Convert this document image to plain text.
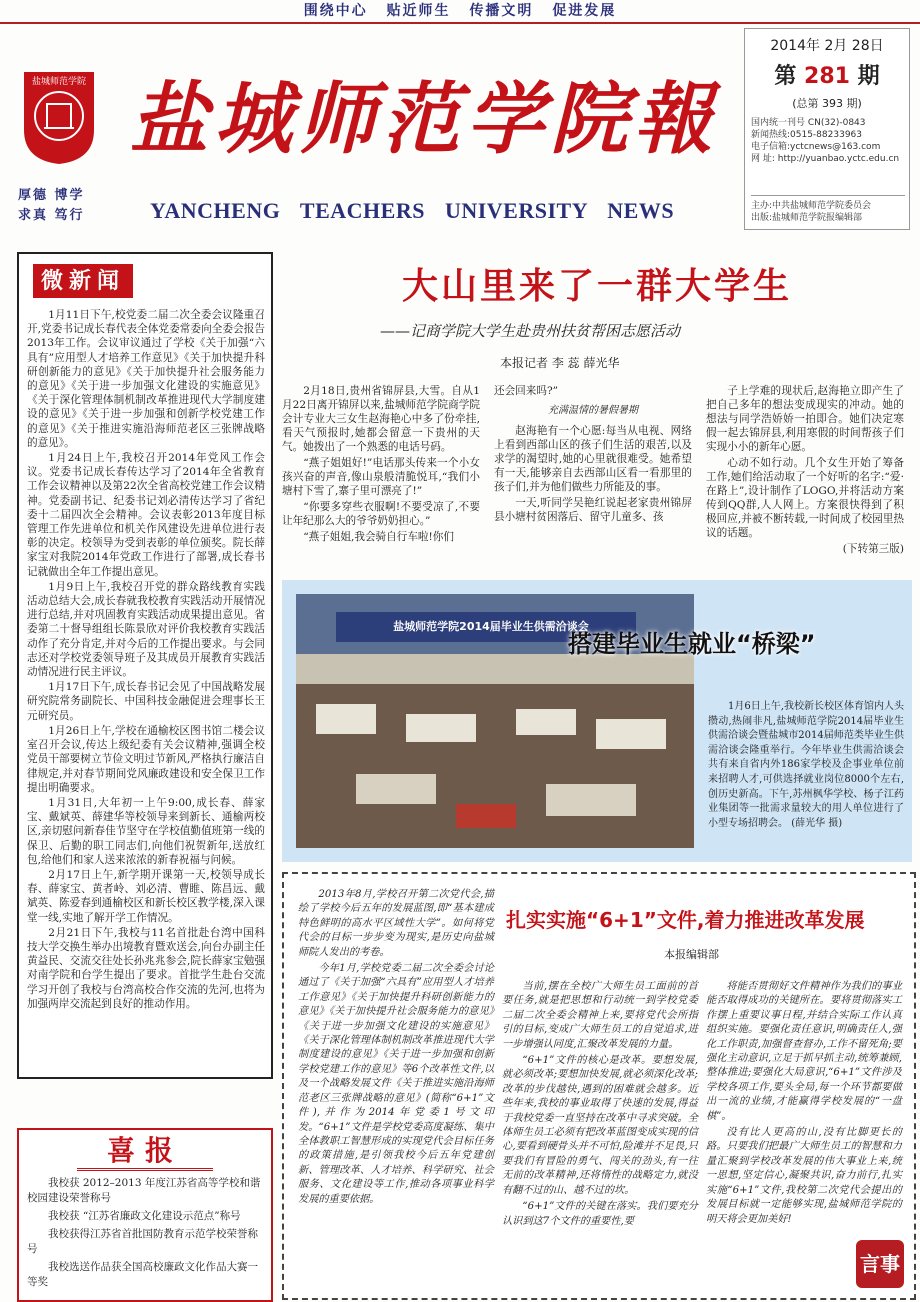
围绕中心 贴近师生 传播文明 促进发展
盐城师范学院
厚德 博学
求真 笃行
盐城师范学院報
YANCHENG TEACHERS UNIVERSITY NEWS
2014年 2月 28日
第 281 期
(总第 393 期)
国内统一刊号 CN(32)-0843
新闻热线:0515-88233963
电子信箱:yctcnews@163.com
网 址: http://yuanbao.yctc.edu.cn
主办:中共盐城师范学院委员会
出版:盐城师范学院报编辑部
微新闻

1月11日下午,校党委二届二次全委会议隆重召开,党委书记成长春代表全体党委常委向全委会报告2013年工作。会议审议通过了学校《关于加强“六具有”应用型人才培养工作意见》《关于加快提升科研创新能力的意见》《关于加快提升社会服务能力的意见》《关于进一步加强文化建设的实施意见》《关于深化管理体制机制改革推进现代大学制度建设的意见》《关于进一步加强和创新学校党建工作的意见》《关于推进实施沿海师范老区三张牌战略的意见》。

1月24日上午,我校召开2014年党风工作会议。党委书记成长春传达学习了2014年全省教育工作会议精神以及第22次全省高校党建工作会议精神。党委副书记、纪委书记刘必清传达学习了省纪委十二届四次全会精神。会议表彰2013年度目标管理工作先进单位和机关作风建设先进单位进行表彰的决定。校领导为受到表彰的单位颁奖。院长薛家宝对我院2014年党政工作进行了部署,成长春书记就做出全年工作提出意见。

1月9日上午,我校召开党的群众路线教育实践活动总结大会,成长春就我校教育实践活动开展情况进行总结,并对巩固教育实践活动成果提出意见。省委第二十督导组组长陈景欣对评价我校教育实践活动作了充分肯定,并对今后的工作提出要求。与会同志还对学校党委领导班子及其成员开展教育实践活动情况进行民主评议。

1月17日下午,成长春书记会见了中国战略发展研究院常务副院长、中国科技金融促进会理事长王元研究员。

1月26日上午,学校在通榆校区图书馆二楼会议室召开会议,传达上级纪委有关会议精神,强调全校党员干部要树立节俭文明过节新风,严格执行廉洁自律规定,并对春节期间党风廉政建设和安全保卫工作提出明确要求。

1月31日,大年初一上午9:00,成长春、薛家宝、戴斌英、薛建华等校领导来到新长、通榆两校区,亲切慰问新春佳节坚守在学校值勤值班第一线的保卫、后勤的职工同志们,向他们祝贺新年,送放红包,给他们和家人送来浓浓的新春祝福与问候。

2月17日上午,新学期开课第一天,校领导成长春、薛家宝、黄者岭、刘必清、曹睢、陈昌远、戴斌英、陈爱春到通榆校区和新长校区教学楼,深入课堂一线,实地了解开学工作情况。

2月21日下午,我校与11名首批赴台湾中国科技大学交换生举办出境教育暨欢送会,向台办副主任黄益民、交流交往处长孙兆兆参会,院长薛家宝勉强对南学院和台学生提出了要求。首批学生赴台交流学习开创了我校与台湾高校合作交流的先河,也将为加强两岸交流起到良好的推动作用。

喜报

我校获 2012–2013 年度江苏省高等学校和谐校园建设荣誉称号

我校获 “江苏省廉政文化建设示范点”称号

我校获得江苏省首批国防教育示范学校荣誉称号

我校选送作品获全国高校廉政文化作品大赛一等奖

大山里来了一群大学生
——记商学院大学生赴贵州扶贫帮困志愿活动
本报记者 李 蕊 薛光华

2月18日,贵州省锦屏县,大雪。自从1月22日离开锦屏以来,盐城师范学院商学院会计专业大三女生赵海艳心中多了份牵挂,看天气预报时,她都会留意一下贵州的天气。她拨出了一个熟悉的电话号码。

“燕子姐姐好!”电话那头传来一个小女孩兴奋的声音,像山泉般清脆悦耳,“我们小塘村下雪了,寨子里可漂亮了!”

“你要多穿些衣服啊!不要受凉了,不要让年纪那么大的爷爷奶奶担心。”

“燕子姐姐,我会骑自行车啦!你们

还会回来吗?”

充满温情的暑假暑期

赵海艳有一个心愿:每当从电视、网络上看到西部山区的孩子们生活的艰苦,以及求学的渴望时,她的心里就很难受。她希望有一天,能够亲自去西部山区看一看那里的孩子们,并为他们做些力所能及的事。

一天,听同学吴艳红说起老家贵州锦屏县小塘村贫困落后、留守儿童多、孩

子上学难的现状后,赵海艳立即产生了把自己多年的想法变成现实的冲动。她的想法与同学浩娇娇一拍即合。她们决定寒假一起去锦屏县,利用寒假的时间帮孩子们实现小小的新年心愿。

心动不如行动。几个女生开始了筹备工作,她们给活动取了一个好听的名字:“爱·在路上”,设计制作了LOGO,并将活动方案传到QQ群,人人网上。方案很快得到了积极回应,并被不断转载,一时间成了校园里热议的话题。

(下转第三版)

盐城师范学院2014届毕业生供需洽谈会
搭建毕业生就业“桥梁”
1月6日上午,我校新长校区体育馆内人头攒动,热闹非凡,盐城师范学院2014届毕业生供需洽谈会暨盐城市2014届师范类毕业生供需洽谈会隆重举行。今年毕业生供需洽谈会共有来自省内外186家学校及企事业单位前来招聘人才,可供选择就业岗位8000个左右,创历史新高。下午,苏州枫华学校、杨子江药业集团等一批需求量较大的用人单位进行了小型专场招聘会。 (薛光华 摄)
扎实实施“6+1”文件,着力推进改革发展
本报编辑部

2013年8月,学校召开第二次党代会,描绘了学校今后五年的发展蓝图,即“基本建成特色鲜明的高水平区域性大学”。如何将党代会的目标一步步变为现实,是历史向盐城师院人发出的考卷。

今年1月,学校党委二届二次全委会讨论通过了《关于加强“六具有”应用型人才培养工作意见》《关于加快提升科研创新能力的意见》《关于加快提升社会服务能力的意见》《关于进一步加强文化建设的实施意见》《关于深化管理体制机制改革推进现代大学制度建设的意见》《关于进一步加强和创新学校党建工作的意见》等6个改革性文件,以及一个战略发展文件《关于推进实施沿海师范老区三张牌战略的意见》(简称“6+1”文件),并作为2014年党委1号文印发。“6+1”文件是学校党委高度凝练、集中全体教职工智慧形成的实现党代会目标任务的政策措施,是引领我校今后五年党建创新、管理改革、人才培养、科学研究、社会服务、文化建设等工作,推动各项事业科学发展的重要依据。

当前,摆在全校广大师生员工面前的首要任务,就是把思想和行动统一到学校党委二届二次全委会精神上来,要将党代会所指引的目标,变成广大师生员工的自觉追求,进一步增强认同度,汇聚改革发展的力量。

“6+1”文件的核心是改革。要想发展,就必须改革;要想加快发展,就必须深化改革;改革的步伐越快,遇到的困难就会越多。近些年来,我校的事业取得了快速的发展,得益于我校党委一直坚持在改革中寻求突破。全体师生员工必须有把改革蓝图变成实现的信心,要看到硬骨头并不可怕,险滩并不足畏,只要我们有冒险的勇气、闯关的劲头,有一往无前的改革精神,还将惰性的战略定力,就没有翻不过的山、越不过的坎。

“6+1”文件的关键在落实。我们要充分认识到这7个文件的重要性,要

将能否贯彻好文件精神作为我们的事业能否取得成功的关键所在。要将贯彻落实工作摆上重要议事日程,并结合实际工作认真组织实施。要强化责任意识,明确责任人,强化工作职责,加强督查督办,工作不留死角;要强化主动意识,立足于抓早抓主动,统筹兼顾,整体推进;要强化大局意识,“6+1”文件涉及学校各项工作,要头全局,每一个环节都要做出一流的业绩,才能赢得学校发展的“一盘棋”。

没有比人更高的山,没有比脚更长的路。只要我们把最广大师生员工的智慧和力量汇聚到学校改革发展的伟大事业上来,统一思想,坚定信心,凝聚共识,奋力前行,扎实实施“6+1”文件,我校第二次党代会提出的发展目标就一定能够实现,盐城师范学院的明天将会更加美好!

言事
